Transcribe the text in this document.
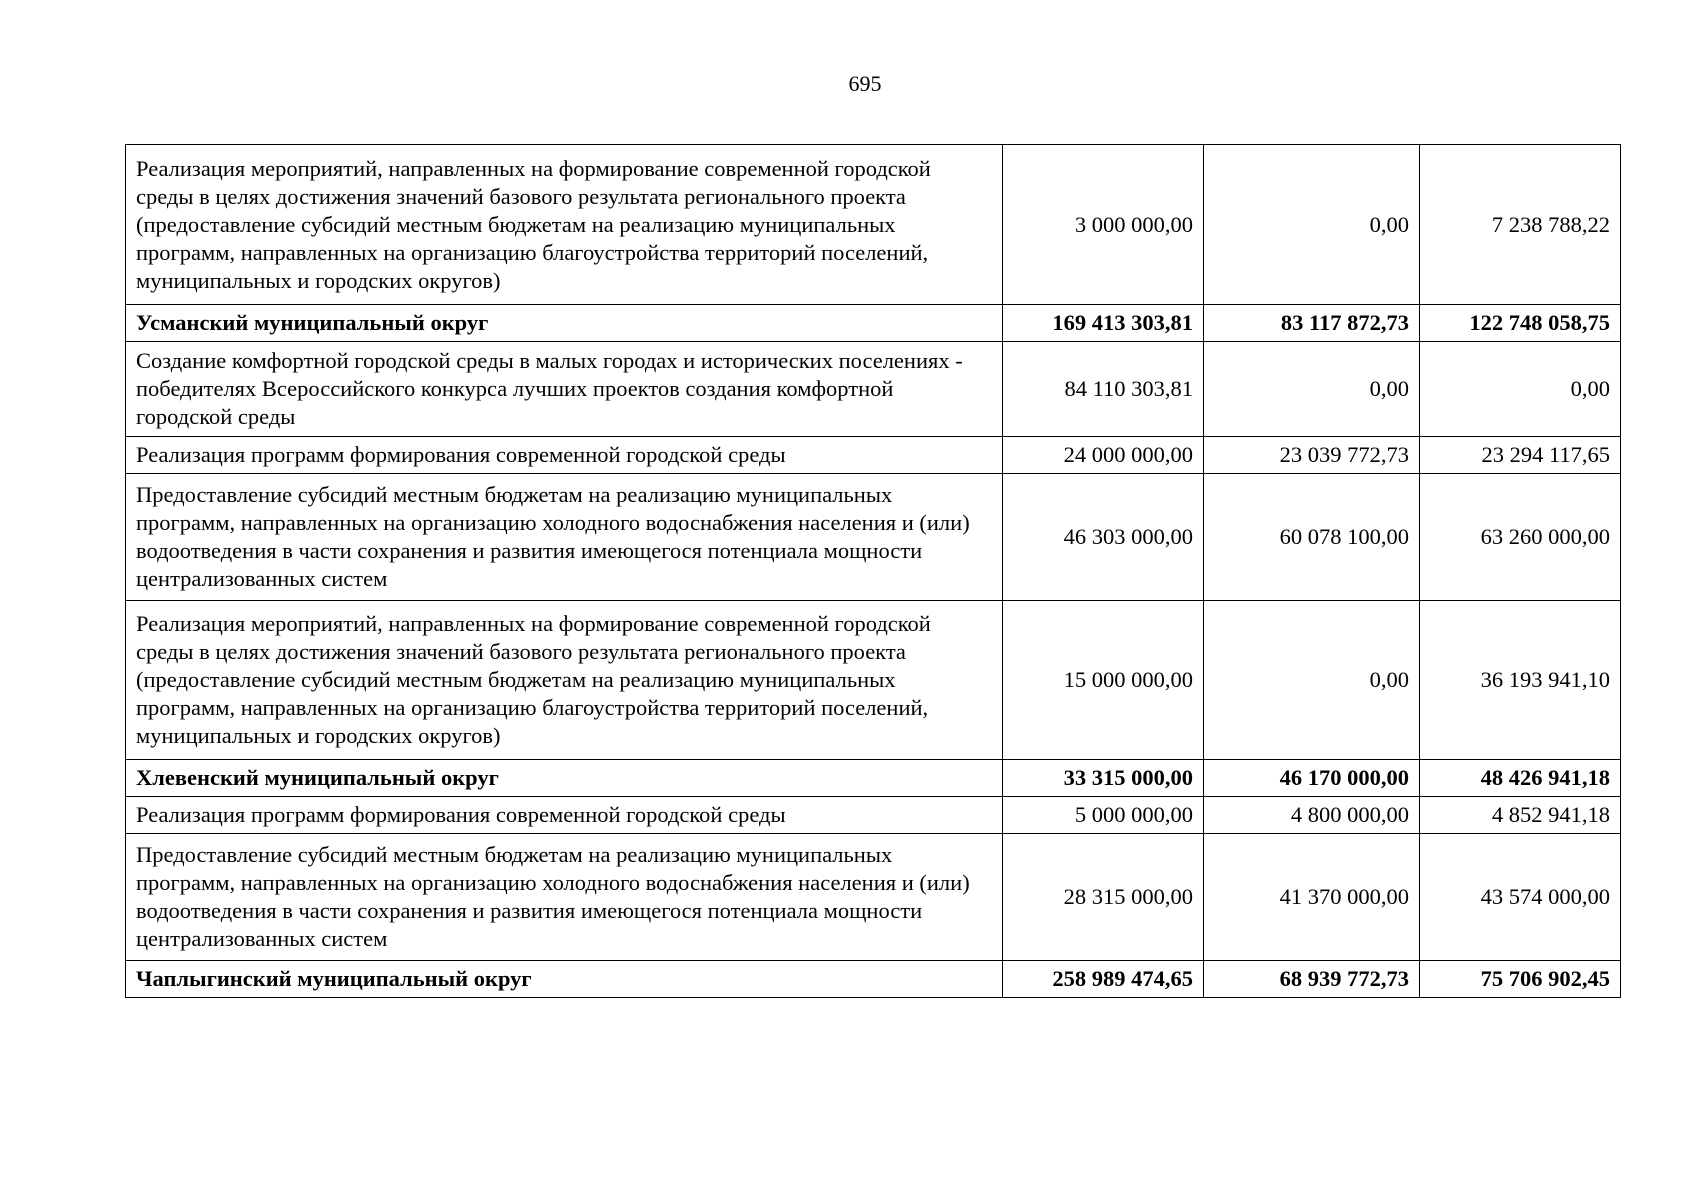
695
Реализация мероприятий, направленных на формирование современной городской среды в целях достижения значений базового результата регионального проекта (предоставление субсидий местным бюджетам на реализацию муниципальных программ, направленных на организацию благоустройства территорий поселений, муниципальных и городских округов)	3 000 000,00	0,00	7 238 788,22
Усманский муниципальный округ	169 413 303,81	83 117 872,73	122 748 058,75
Создание комфортной городской среды в малых городах и исторических поселениях - победителях Всероссийского конкурса лучших проектов создания комфортной городской среды	84 110 303,81	0,00	0,00
Реализация программ формирования современной городской среды	24 000 000,00	23 039 772,73	23 294 117,65
Предоставление субсидий местным бюджетам на реализацию муниципальных программ, направленных на организацию холодного водоснабжения населения и (или) водоотведения в части сохранения и развития имеющегося потенциала мощности централизованных систем	46 303 000,00	60 078 100,00	63 260 000,00
Реализация мероприятий, направленных на формирование современной городской среды в целях достижения значений базового результата регионального проекта (предоставление субсидий местным бюджетам на реализацию муниципальных программ, направленных на организацию благоустройства территорий поселений, муниципальных и городских округов)	15 000 000,00	0,00	36 193 941,10
Хлевенский муниципальный округ	33 315 000,00	46 170 000,00	48 426 941,18
Реализация программ формирования современной городской среды	5 000 000,00	4 800 000,00	4 852 941,18
Предоставление субсидий местным бюджетам на реализацию муниципальных программ, направленных на организацию холодного водоснабжения населения и (или) водоотведения в части сохранения и развития имеющегося потенциала мощности централизованных систем	28 315 000,00	41 370 000,00	43 574 000,00
Чаплыгинский муниципальный округ	258 989 474,65	68 939 772,73	75 706 902,45
